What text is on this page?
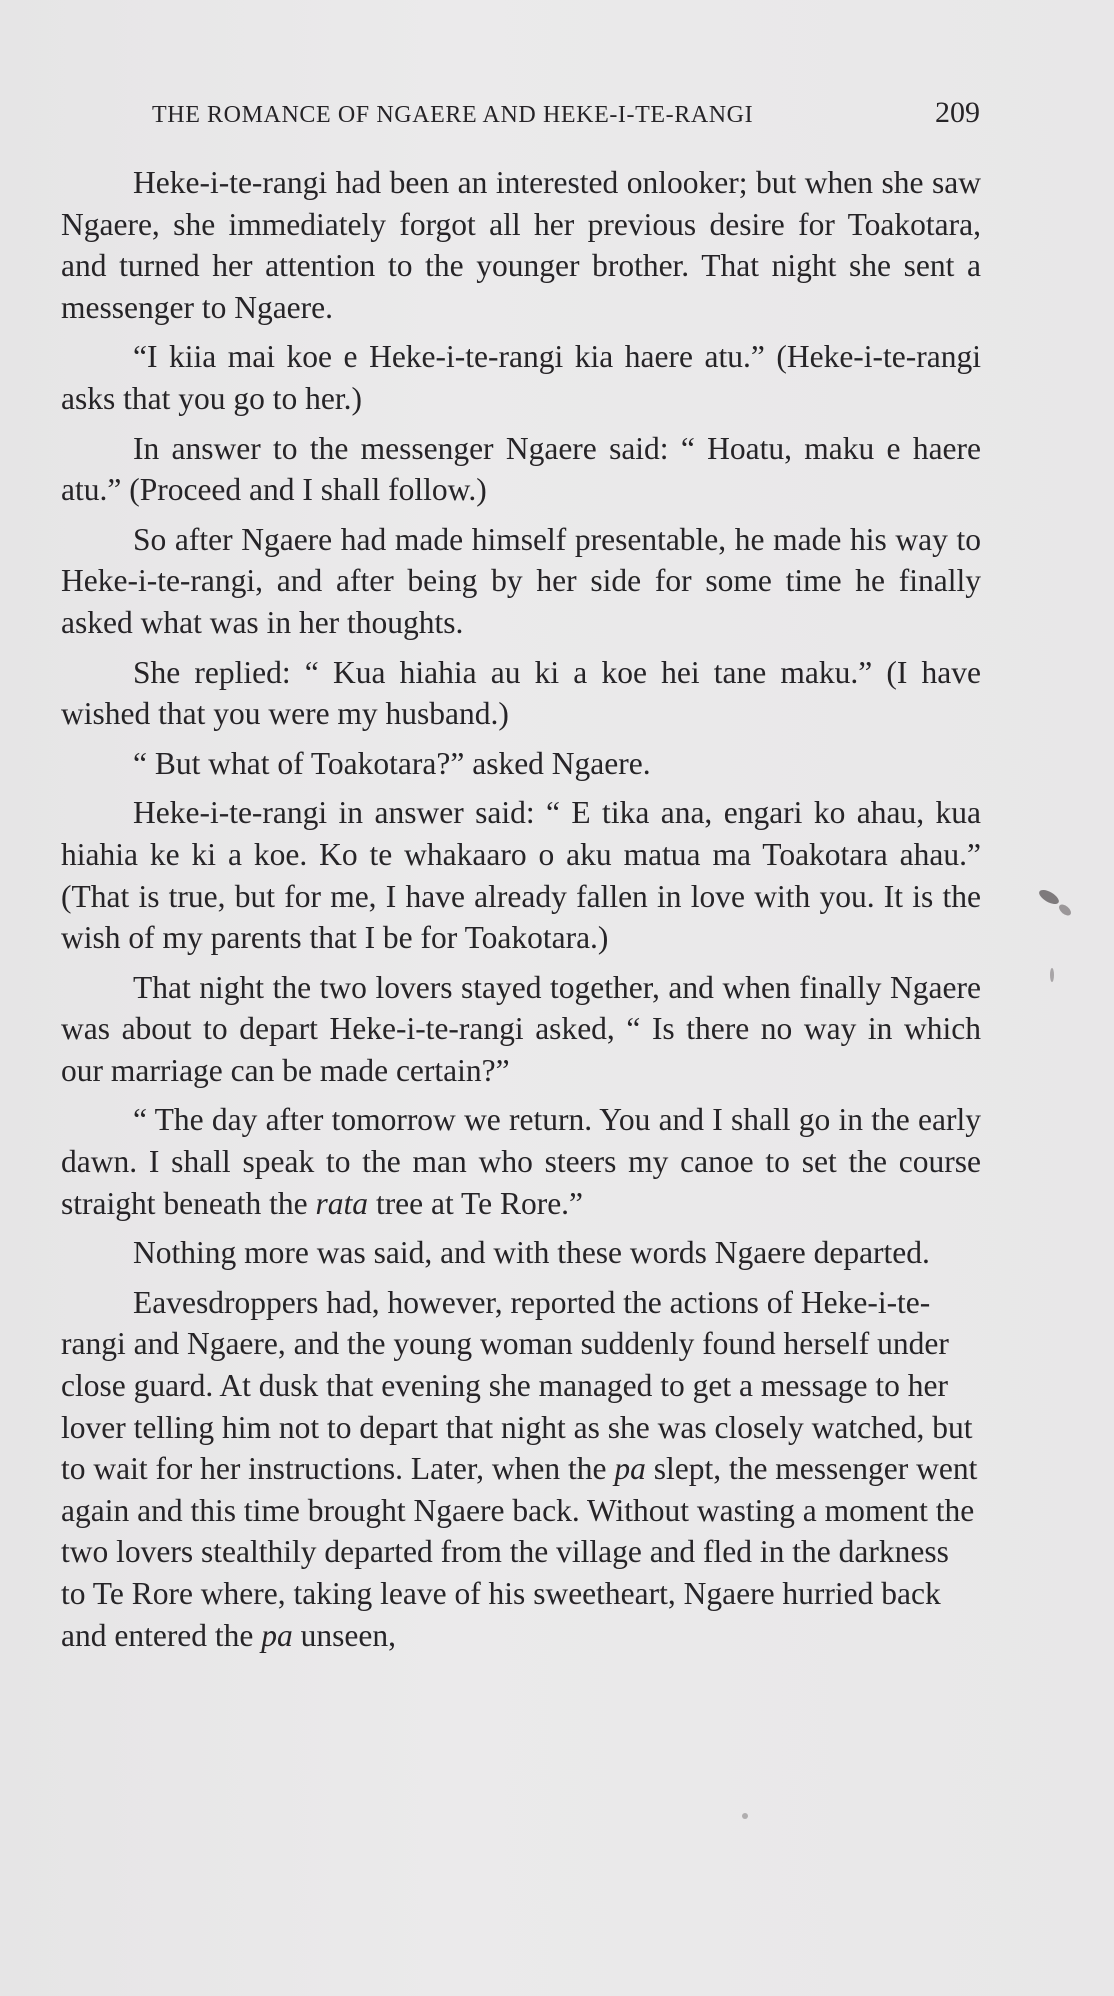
THE ROMANCE OF NGAERE AND HEKE-I-TE-RANGI	209

Heke-i-te-rangi had been an interested onlooker; but when she saw Ngaere, she immediately forgot all her previous desire for Toakotara, and turned her attention to the younger brother. That night she sent a messenger to Ngaere.

“I kiia mai koe e Heke-i-te-rangi kia haere atu.” (Heke-i-te-rangi asks that you go to her.)

In answer to the messenger Ngaere said: “ Hoatu, maku e haere atu.” (Proceed and I shall follow.)

So after Ngaere had made himself presentable, he made his way to Heke-i-te-rangi, and after being by her side for some time he finally asked what was in her thoughts.

She replied: “ Kua hiahia au ki a koe hei tane maku.” (I have wished that you were my husband.)

“ But what of Toakotara?” asked Ngaere.

Heke-i-te-rangi in answer said: “ E tika ana, engari ko ahau, kua hiahia ke ki a koe. Ko te whakaaro o aku matua ma Toakotara ahau.” (That is true, but for me, I have already fallen in love with you. It is the wish of my parents that I be for Toakotara.)

That night the two lovers stayed together, and when finally Ngaere was about to depart Heke-i-te-rangi asked, “ Is there no way in which our marriage can be made certain?”

“ The day after tomorrow we return. You and I shall go in the early dawn. I shall speak to the man who steers my canoe to set the course straight beneath the rata tree at Te Rore.”

Nothing more was said, and with these words Ngaere departed.

Eavesdroppers had, however, reported the actions of Heke-i-te-rangi and Ngaere, and the young woman suddenly found herself under close guard. At dusk that evening she managed to get a message to her lover telling him not to depart that night as she was closely watched, but to wait for her instructions. Later, when the pa slept, the messenger went again and this time brought Ngaere back. Without wasting a moment the two lovers stealthily departed from the village and fled in the darkness to Te Rore where, taking leave of his sweetheart, Ngaere hurried back and entered the pa unseen,
